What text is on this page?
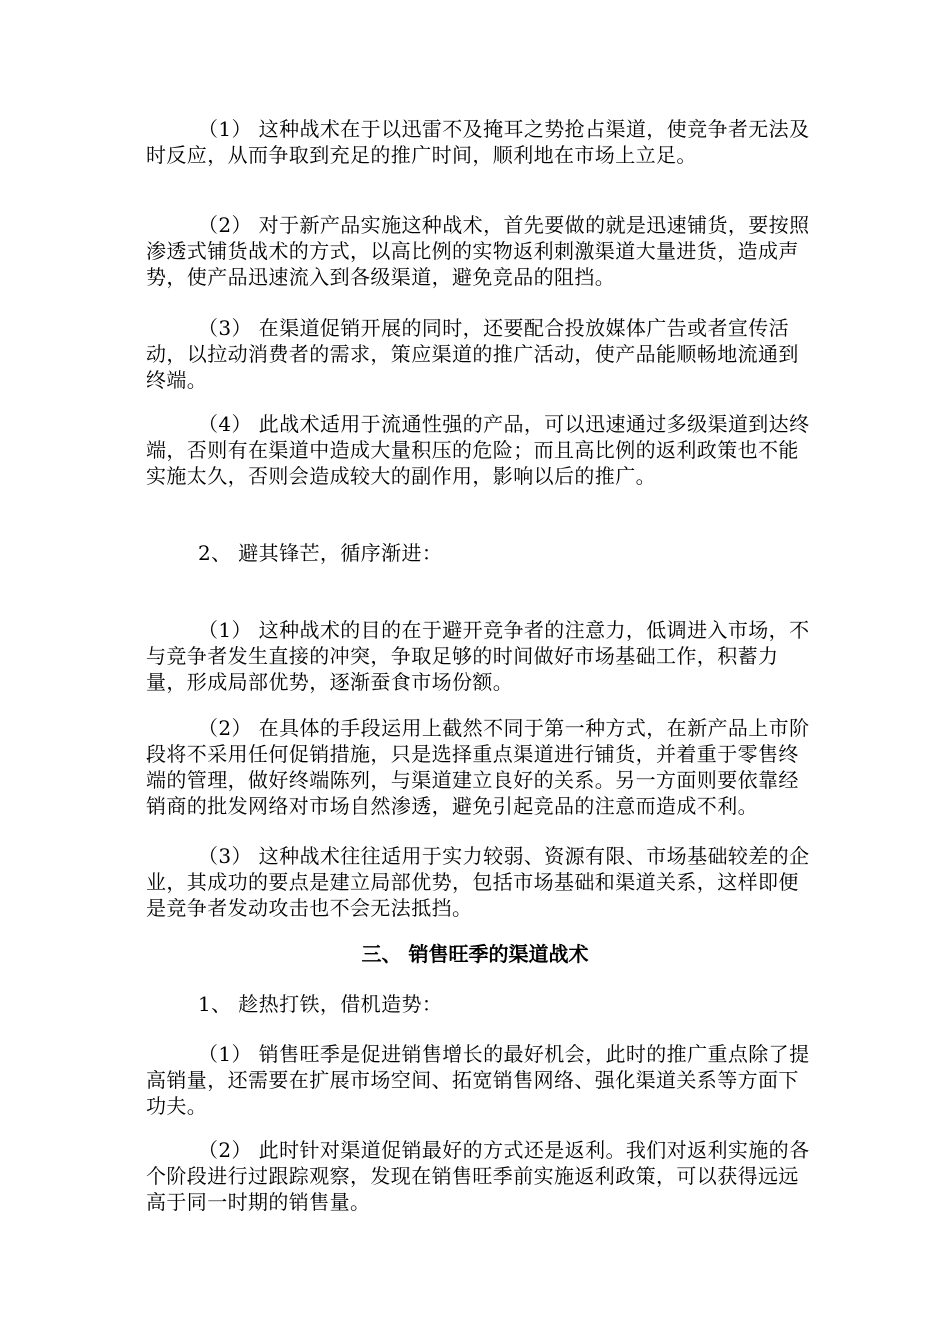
（1） 这种战术在于以迅雷不及掩耳之势抢占渠道，使竞争者无法及时反应，从而争取到充足的推广时间，顺利地在市场上立足。

（2） 对于新产品实施这种战术，首先要做的就是迅速铺货，要按照渗透式铺货战术的方式，以高比例的实物返利刺激渠道大量进货，造成声势，使产品迅速流入到各级渠道，避免竞品的阻挡。

（3） 在渠道促销开展的同时，还要配合投放媒体广告或者宣传活动，以拉动消费者的需求，策应渠道的推广活动，使产品能顺畅地流通到终端。

（4） 此战术适用于流通性强的产品，可以迅速通过多级渠道到达终端，否则有在渠道中造成大量积压的危险；而且高比例的返利政策也不能实施太久，否则会造成较大的副作用，影响以后的推广。

2、 避其锋芒，循序渐进：

（1） 这种战术的目的在于避开竞争者的注意力，低调进入市场，不与竞争者发生直接的冲突，争取足够的时间做好市场基础工作，积蓄力量，形成局部优势，逐渐蚕食市场份额。

（2） 在具体的手段运用上截然不同于第一种方式，在新产品上市阶段将不采用任何促销措施，只是选择重点渠道进行铺货，并着重于零售终端的管理，做好终端陈列，与渠道建立良好的关系。另一方面则要依靠经销商的批发网络对市场自然渗透，避免引起竞品的注意而造成不利。

（3） 这种战术往往适用于实力较弱、资源有限、市场基础较差的企业，其成功的要点是建立局部优势，包括市场基础和渠道关系，这样即便是竞争者发动攻击也不会无法抵挡。

三、 销售旺季的渠道战术

1、 趁热打铁，借机造势：

（1） 销售旺季是促进销售增长的最好机会，此时的推广重点除了提高销量，还需要在扩展市场空间、拓宽销售网络、强化渠道关系等方面下功夫。

（2） 此时针对渠道促销最好的方式还是返利。我们对返利实施的各个阶段进行过跟踪观察，发现在销售旺季前实施返利政策，可以获得远远高于同一时期的销售量。
